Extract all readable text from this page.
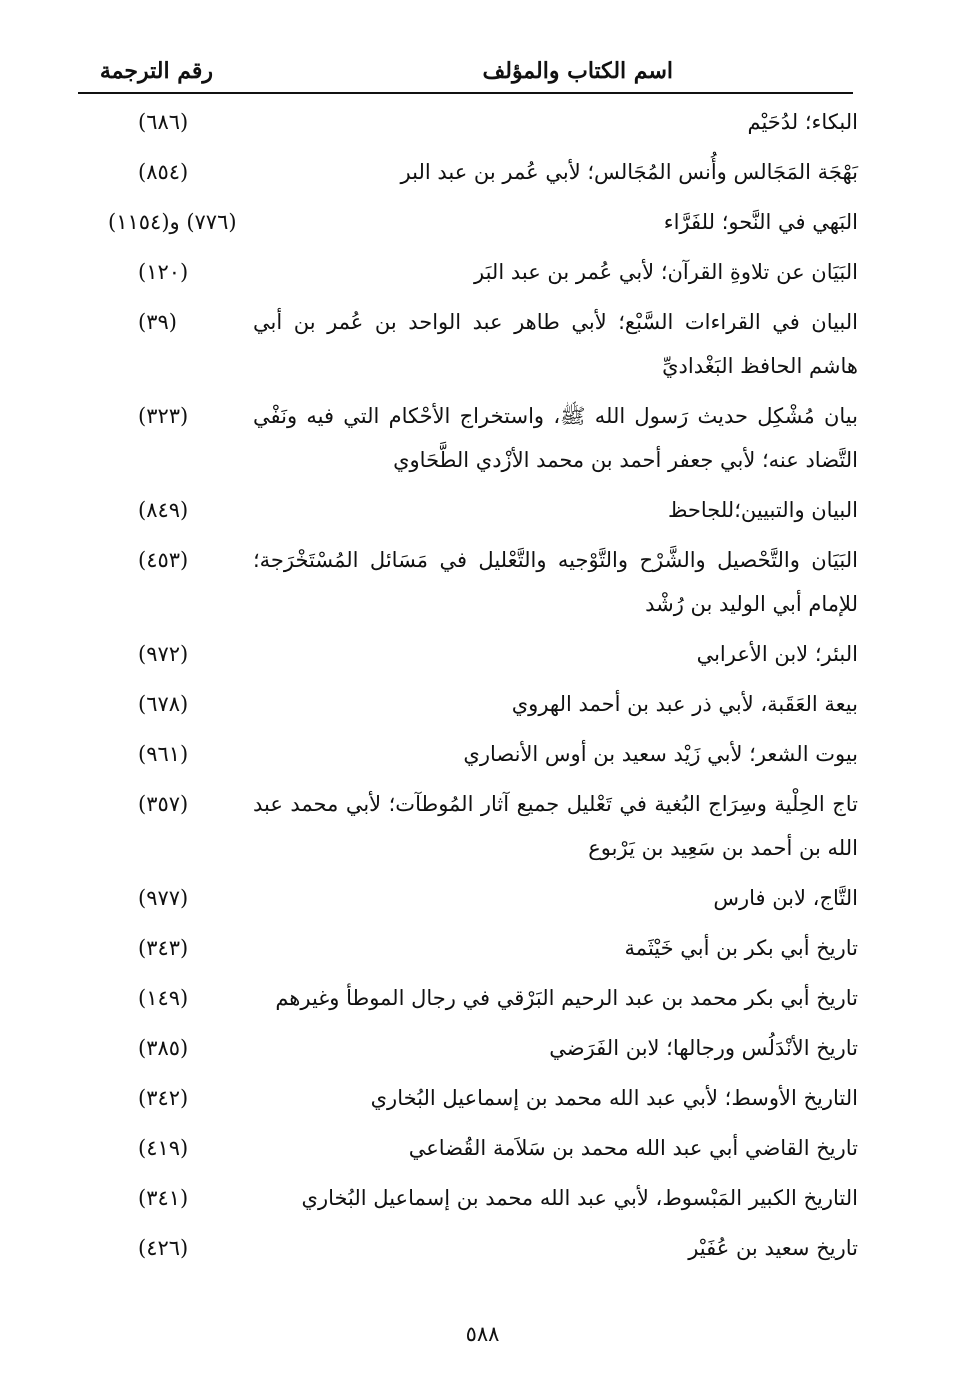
اسم الكتاب والمؤلف
رقم الترجمة
البكاء؛ لدُحَيْم
(٦٨٦)
بَهْجَة المَجَالس وأُنس المُجَالس؛ لأبي عُمر بن عبد البر
(٨٥٤)
البَهي في النَّحو؛ للفَرَّاء
(٧٧٦) و(١١٥٤)
البَيَان عن تلاوةِ القرآن؛ لأبي عُمر بن عبد البَر
(١٢٠)
البيان في القراءات السَّبْع؛ لأبي طاهر عبد الواحد بن عُمر بن أبي هاشم الحافظ البَغْداديِّ
(٣٩)
بيان مُشْكِل حديث رَسول الله ﷺ، واستخراج الأحْكام التي فيه ونَفْي التَّضاد عنه؛ لأبي جعفر أحمد بن محمد الأزْدي الطَّحَاوي
(٣٢٣)
البيان والتبيين؛للجاحظ
(٨٤٩)
البَيَان والتَّحْصيل والشَّرْح والتَّوْجيه والتَّعْليل في مَسَائل المُسْتَخْرَجة؛ للإمام أبي الوليد بن رُشْد
(٤٥٣)
البئر؛ لابن الأعرابي
(٩٧٢)
بيعة العَقَبة، لأبي ذر عبد بن أحمد الهروي
(٦٧٨)
بيوت الشعر؛ لأبي زَيْد سعيد بن أوس الأنصاري
(٩٦١)
تاج الحِلْية وسِرَاج البُغية في تَعْليل جميع آثار المُوطآت؛ لأبي محمد عبد الله بن أحمد بن سَعِيد بن يَرْبوع
(٣٥٧)
التَّاج، لابن فارس
(٩٧٧)
تاريخ أبي بكر بن أبي خَيْثَمة
(٣٤٣)
تاريخ أبي بكر محمد بن عبد الرحيم البَرْقي في رجال الموطأ وغيرهم
(١٤٩)
تاريخ الأنْدَلُس ورجالها؛ لابن الفَرَضي
(٣٨٥)
التاريخ الأوسط؛ لأبي عبد الله محمد بن إسماعيل البُخاري
(٣٤٢)
تاريخ القاضي أبي عبد الله محمد بن سَلاَمة القُضاعي
(٤١٩)
التاريخ الكبير المَبْسوط، لأبي عبد الله محمد بن إسماعيل البُخاري
(٣٤١)
تاريخ سعيد بن عُفَيْر
(٤٢٦)
٥٨٨
